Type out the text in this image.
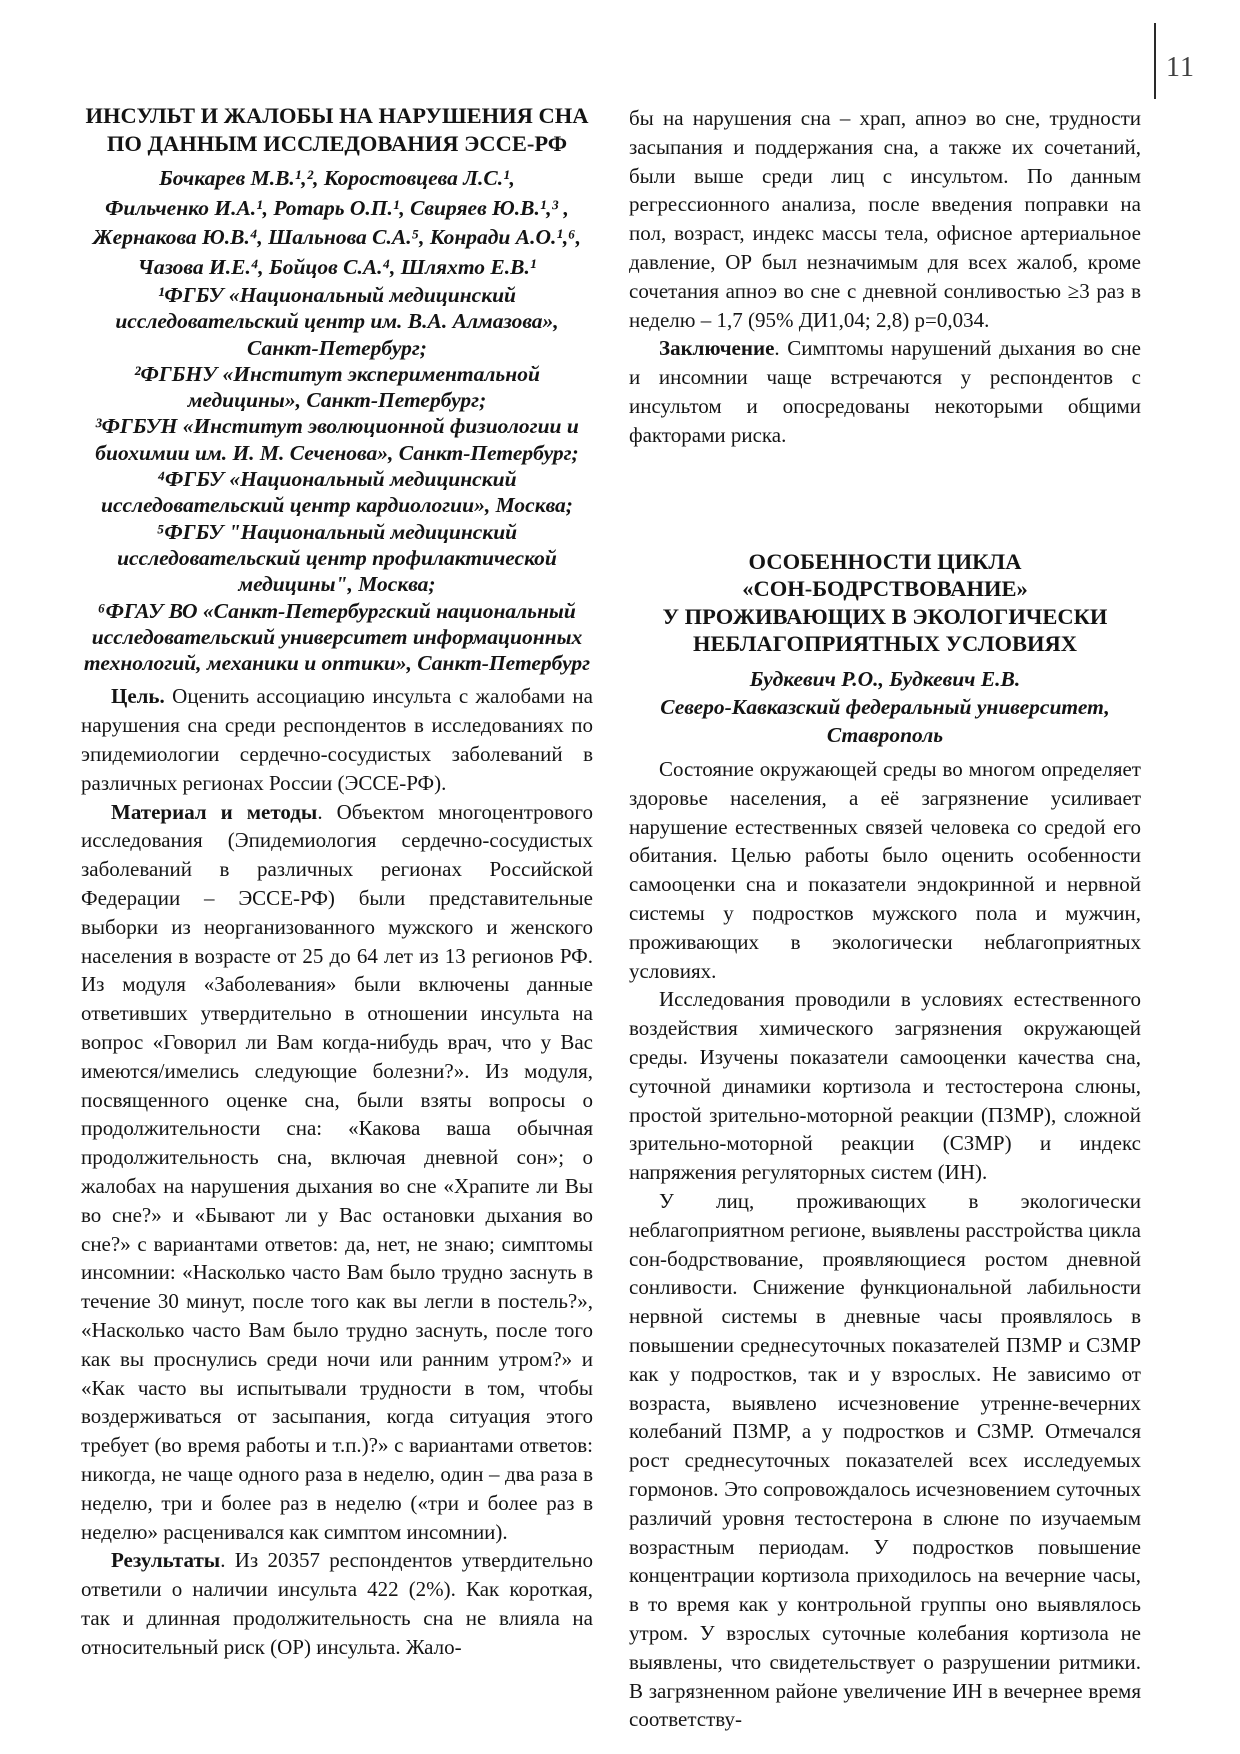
11
ИНСУЛЬТ И ЖАЛОБЫ НА НАРУШЕНИЯ СНА
ПО ДАННЫМ ИССЛЕДОВАНИЯ ЭССЕ-РФ
Бочкарев М.В.¹,², Коростовцева Л.С.¹,
Фильченко И.А.¹, Ротарь О.П.¹, Свиряев Ю.В.¹,³ ,
Жернакова Ю.В.⁴, Шальнова С.А.⁵, Конради А.О.¹,⁶,
Чазова И.Е.⁴, Бойцов С.А.⁴, Шляхто Е.В.¹
¹ФГБУ «Национальный медицинский исследовательский центр им. В.А. Алмазова», Санкт-Петербург;
²ФГБНУ «Институт экспериментальной медицины», Санкт-Петербург;
³ФГБУН «Институт эволюционной физиологии и биохимии им. И. М. Сеченова», Санкт-Петербург;
⁴ФГБУ «Национальный медицинский исследовательский центр кардиологии», Москва;
⁵ФГБУ "Национальный медицинский исследовательский центр профилактической медицины", Москва;
⁶ФГАУ ВО «Санкт-Петербургский национальный исследовательский университет информационных технологий, механики и оптики», Санкт-Петербург

Цель. Оценить ассоциацию инсульта с жалобами на нарушения сна среди респондентов в исследованиях по эпидемиологии сердечно-сосудистых заболеваний в различных регионах России (ЭССЕ-РФ).

Материал и методы. Объектом многоцентрового исследования (Эпидемиология сердечно-сосудистых заболеваний в различных регионах Российской Федерации – ЭССЕ-РФ) были представительные выборки из неорганизованного мужского и женского населения в возрасте от 25 до 64 лет из 13 регионов РФ. Из модуля «Заболевания» были включены данные ответивших утвердительно в отношении инсульта на вопрос «Говорил ли Вам когда-нибудь врач, что у Вас имеются/имелись следующие болезни?». Из модуля, посвященного оценке сна, были взяты вопросы о продолжительности сна: «Какова ваша обычная продолжительность сна, включая дневной сон»; о жалобах на нарушения дыхания во сне «Храпите ли Вы во сне?» и «Бывают ли у Вас остановки дыхания во сне?» с вариантами ответов: да, нет, не знаю; симптомы инсомнии: «Насколько часто Вам было трудно заснуть в течение 30 минут, после того как вы легли в постель?», «Насколько часто Вам было трудно заснуть, после того как вы проснулись среди ночи или ранним утром?» и «Как часто вы испытывали трудности в том, чтобы воздерживаться от засыпания, когда ситуация этого требует (во время работы и т.п.)?» с вариантами ответов: никогда, не чаще одного раза в неделю, один – два раза в неделю, три и более раз в неделю («три и более раз в неделю» расценивался как симптом инсомнии).

Результаты. Из 20357 респондентов утвердительно ответили о наличии инсульта 422 (2%). Как короткая, так и длинная продолжительность сна не влияла на относительный риск (ОР) инсульта. Жало-

бы на нарушения сна – храп, апноэ во сне, трудности засыпания и поддержания сна, а также их сочетаний, были выше среди лиц с инсультом. По данным регрессионного анализа, после введения поправки на пол, возраст, индекс массы тела, офисное артериальное давление, ОР был незначимым для всех жалоб, кроме сочетания апноэ во сне с дневной сонливостью ≥3 раз в неделю – 1,7 (95% ДИ1,04; 2,8) p=0,034.

Заключение. Симптомы нарушений дыхания во сне и инсомнии чаще встречаются у респондентов с инсультом и опосредованы некоторыми общими факторами риска.

ОСОБЕННОСТИ ЦИКЛА
«СОН-БОДРСТВОВАНИЕ»
У ПРОЖИВАЮЩИХ В ЭКОЛОГИЧЕСКИ
НЕБЛАГОПРИЯТНЫХ УСЛОВИЯХ
Будкевич Р.О., Будкевич Е.В.
Северо-Кавказский федеральный университет, Ставрополь

Состояние окружающей среды во многом определяет здоровье населения, а её загрязнение усиливает нарушение естественных связей человека со средой его обитания. Целью работы было оценить особенности самооценки сна и показатели эндокринной и нервной системы у подростков мужского пола и мужчин, проживающих в экологически неблагоприятных условиях.

Исследования проводили в условиях естественного воздействия химического загрязнения окружающей среды. Изучены показатели самооценки качества сна, суточной динамики кортизола и тестостерона слюны, простой зрительно-моторной реакции (ПЗМР), сложной зрительно-моторной реакции (СЗМР) и индекс напряжения регуляторных систем (ИН).

У лиц, проживающих в экологически неблагоприятном регионе, выявлены расстройства цикла сон-бодрствование, проявляющиеся ростом дневной сонливости. Снижение функциональной лабильности нервной системы в дневные часы проявлялось в повышении среднесуточных показателей ПЗМР и СЗМР как у подростков, так и у взрослых. Не зависимо от возраста, выявлено исчезновение утренне-вечерних колебаний ПЗМР, а у подростков и СЗМР. Отмечался рост среднесуточных показателей всех исследуемых гормонов. Это сопровождалось исчезновением суточных различий уровня тестостерона в слюне по изучаемым возрастным периодам. У подростков повышение концентрации кортизола приходилось на вечерние часы, в то время как у контрольной группы оно выявлялось утром. У взрослых суточные колебания кортизола не выявлены, что свидетельствует о разрушении ритмики. В загрязненном районе увеличение ИН в вечернее время соответству-
